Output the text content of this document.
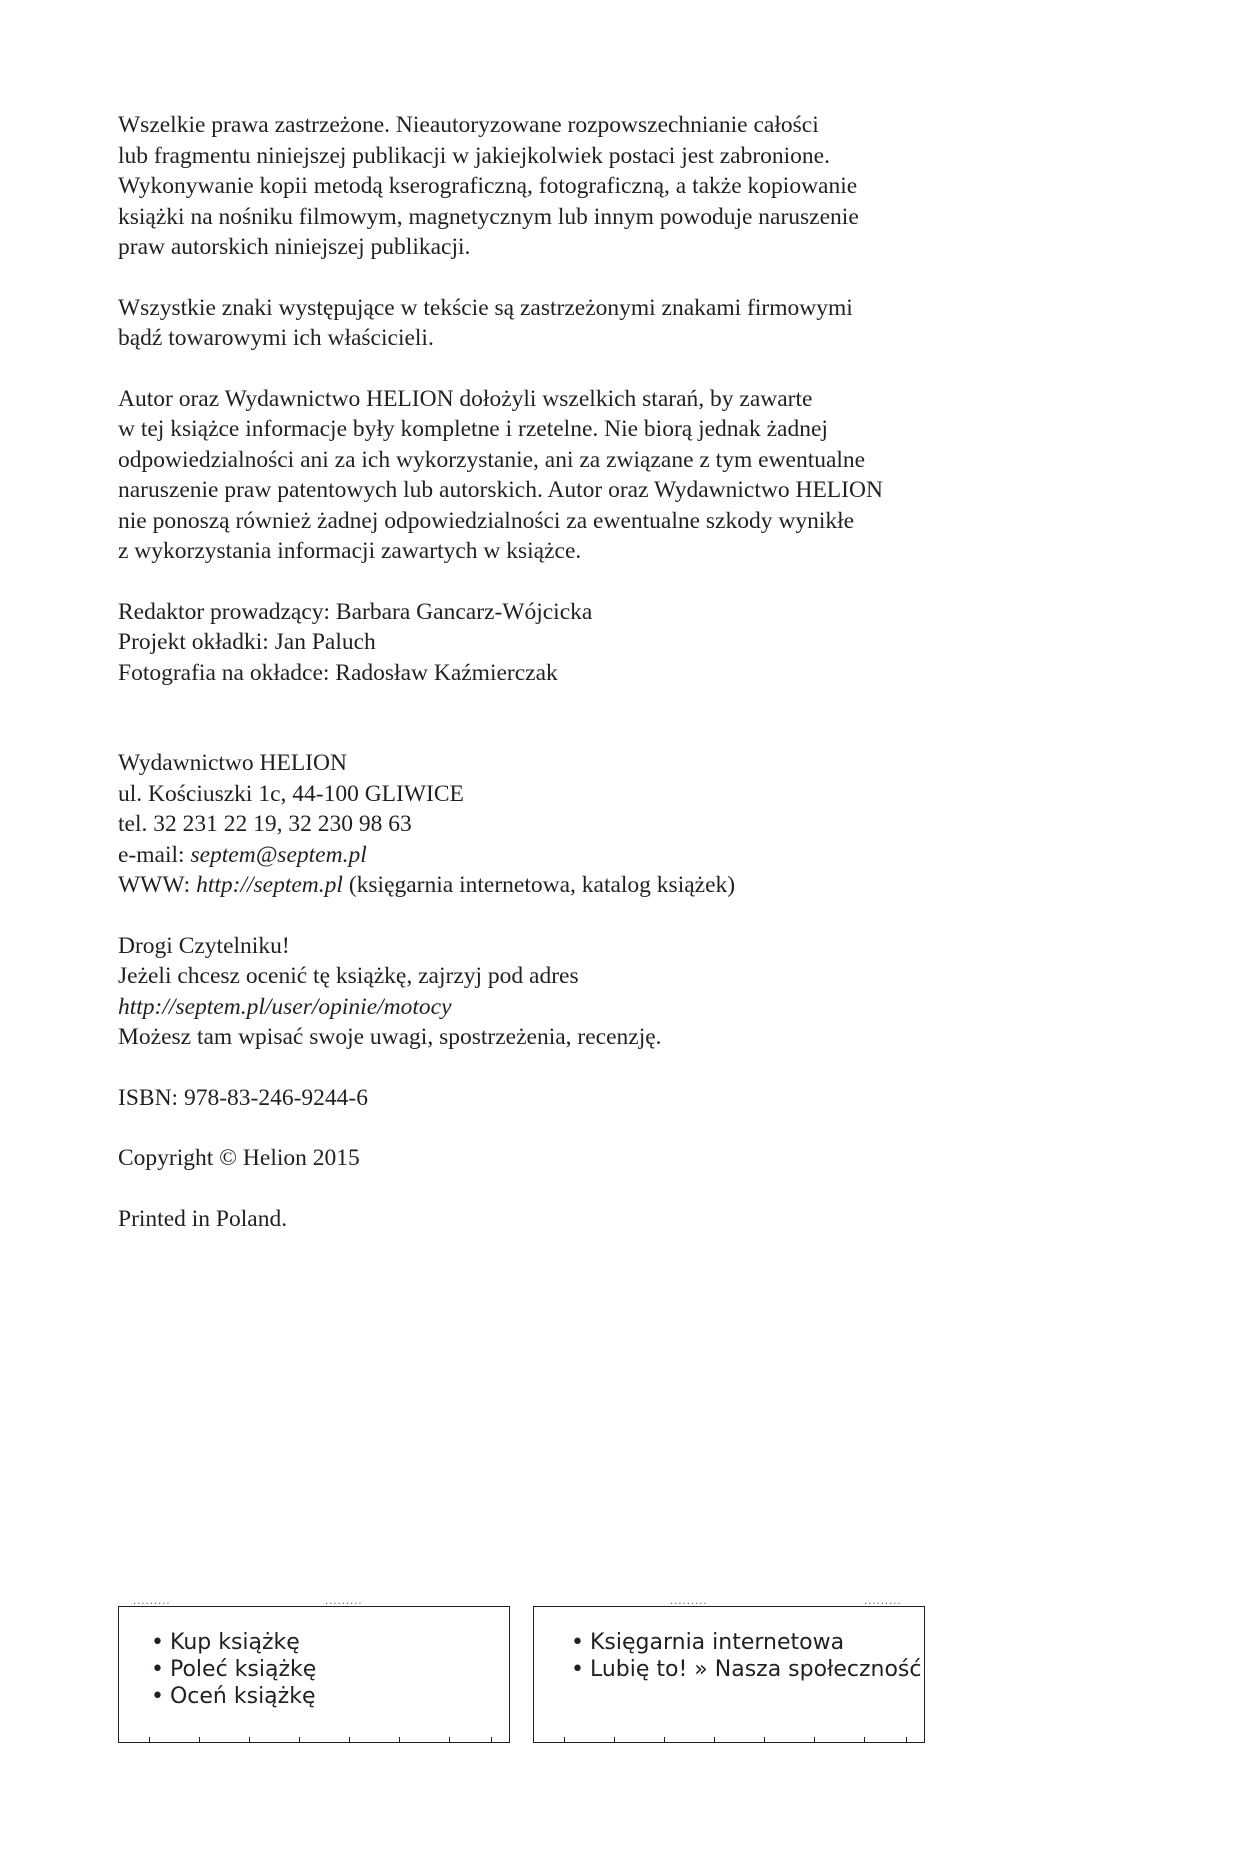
Wszelkie prawa zastrzeżone. Nieautoryzowane rozpowszechnianie całości
lub fragmentu niniejszej publikacji w jakiejkolwiek postaci jest zabronione.
Wykonywanie kopii metodą kserograficzną, fotograficzną, a także kopiowanie
książki na nośniku filmowym, magnetycznym lub innym powoduje naruszenie
praw autorskich niniejszej publikacji.
Wszystkie znaki występujące w tekście są zastrzeżonymi znakami firmowymi
bądź towarowymi ich właścicieli.
Autor oraz Wydawnictwo HELION dołożyli wszelkich starań, by zawarte
w tej książce informacje były kompletne i rzetelne. Nie biorą jednak żadnej
odpowiedzialności ani za ich wykorzystanie, ani za związane z tym ewentualne
naruszenie praw patentowych lub autorskich. Autor oraz Wydawnictwo HELION
nie ponoszą również żadnej odpowiedzialności za ewentualne szkody wynikłe
z wykorzystania informacji zawartych w książce.
Redaktor prowadzący: Barbara Gancarz-Wójcicka
Projekt okładki: Jan Paluch
Fotografia na okładce: Radosław Kaźmierczak
Wydawnictwo HELION
ul. Kościuszki 1c, 44-100 GLIWICE
tel. 32 231 22 19, 32 230 98 63
e-mail: septem@septem.pl
WWW: http://septem.pl (księgarnia internetowa, katalog książek)
Drogi Czytelniku!
Jeżeli chcesz ocenić tę książkę, zajrzyj pod adres
http://septem.pl/user/opinie/motocy
Możesz tam wpisać swoje uwagi, spostrzeżenia, recenzję.
ISBN: 978-83-246-9244-6
Copyright © Helion 2015
Printed in Poland.
·········	·········
• Kup książkę
• Poleć książkę
• Oceń książkę
·········	·········
• Księgarnia internetowa
• Lubię to! » Nasza społeczność
